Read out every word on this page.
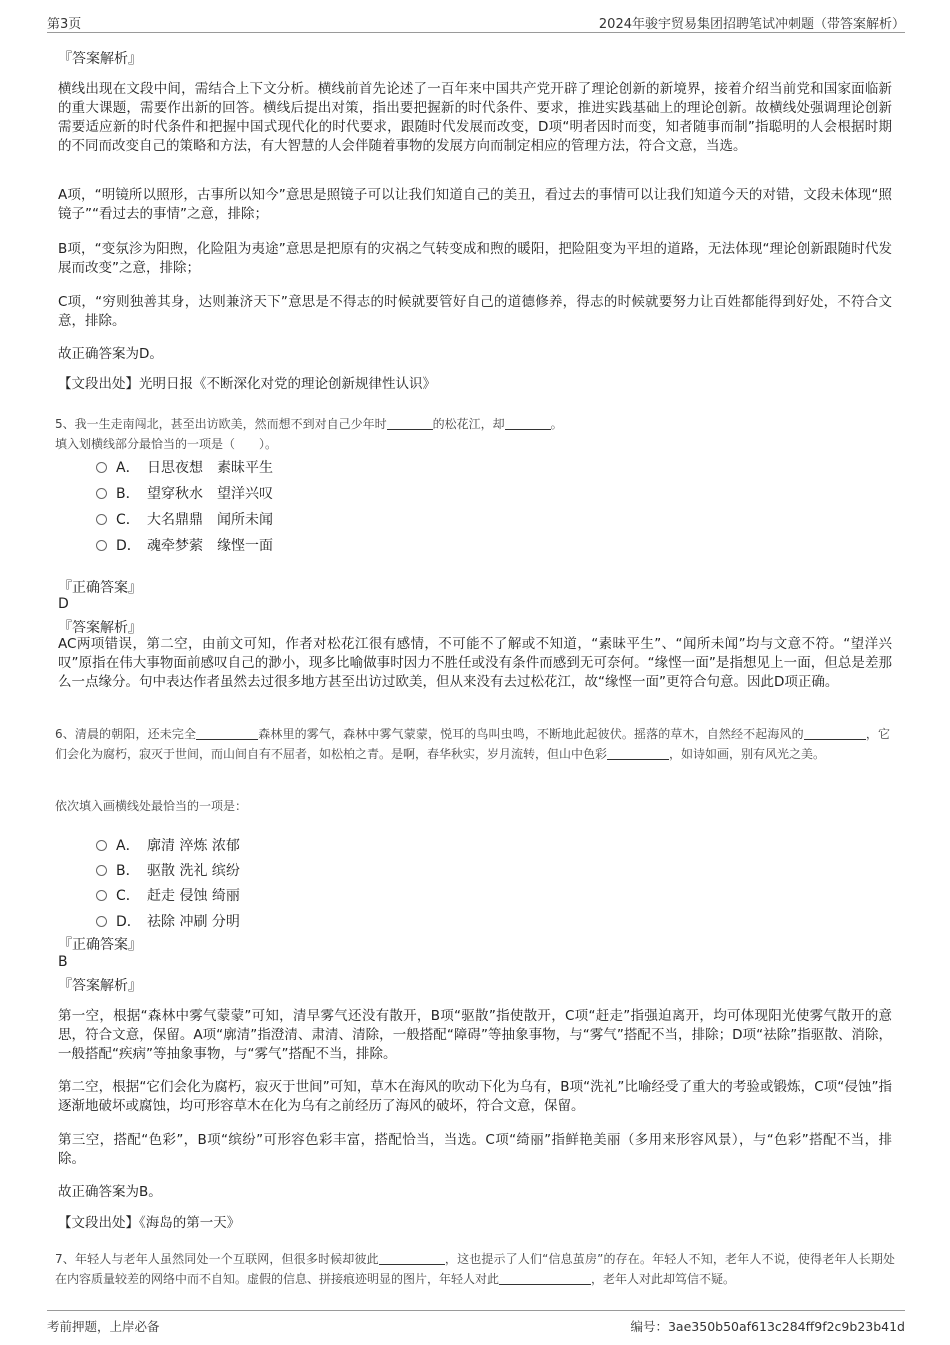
第3页	2024年骏宇贸易集团招聘笔试冲刺题（带答案解析）
『答案解析』
横线出现在文段中间，需结合上下文分析。横线前首先论述了一百年来中国共产党开辟了理论创新的新境界，接着介绍当前党和国家面临新的重大课题，需要作出新的回答。横线后提出对策，指出要把握新的时代条件、要求，推进实践基础上的理论创新。故横线处强调理论创新需要适应新的时代条件和把握中国式现代化的时代要求，跟随时代发展而改变，D项“明者因时而变，知者随事而制”指聪明的人会根据时期的不同而改变自己的策略和方法，有大智慧的人会伴随着事物的发展方向而制定相应的管理方法，符合文意，当选。
A项，“明镜所以照形，古事所以知今”意思是照镜子可以让我们知道自己的美丑，看过去的事情可以让我们知道今天的对错，文段未体现“照镜子”“看过去的事情”之意，排除；
B项，“变氛沴为阳煦，化险阻为夷途”意思是把原有的灾祸之气转变成和煦的暖阳，把险阻变为平坦的道路，无法体现“理论创新跟随时代发展而改变”之意，排除；
C项，“穷则独善其身，达则兼济天下”意思是不得志的时候就要管好自己的道德修养，得志的时候就要努力让百姓都能得到好处，不符合文意，排除。
故正确答案为D。
【文段出处】光明日报《不断深化对党的理论创新规律性认识》
5、我一生走南闯北，甚至出访欧美，然而想不到对自己少年时	的松花江，却	。
填入划横线部分最恰当的一项是（　　）。
A． 日思夜想　素昧平生
B． 望穿秋水　望洋兴叹
C． 大名鼎鼎　闻所未闻
D． 魂牵梦萦　缘悭一面
『正确答案』
D
『答案解析』
AC两项错误，第二空，由前文可知，作者对松花江很有感情，不可能不了解或不知道，“素昧平生”、“闻所未闻”均与文意不符。“望洋兴叹”原指在伟大事物面前感叹自己的渺小，现多比喻做事时因力不胜任或没有条件而感到无可奈何。“缘悭一面”是指想见上一面，但总是差那么一点缘分。句中表达作者虽然去过很多地方甚至出访过欧美，但从来没有去过松花江，故“缘悭一面”更符合句意。因此D项正确。
6、清晨的朝阳，还未完全	森林里的雾气，森林中雾气蒙蒙，悦耳的鸟叫虫鸣，不断地此起彼伏。摇落的草木，自然经不起海风的	，它们会化为腐朽，寂灭于世间，而山间自有不屈者，如松柏之青。是啊，春华秋实，岁月流转，但山中色彩	，如诗如画，别有风光之美。
依次填入画横线处最恰当的一项是：
A． 廓清 淬炼 浓郁
B． 驱散 洗礼 缤纷
C． 赶走 侵蚀 绮丽
D． 祛除 冲刷 分明
『正确答案』
B
『答案解析』
第一空，根据“森林中雾气蒙蒙”可知，清早雾气还没有散开，B项“驱散”指使散开，C项“赶走”指强迫离开，均可体现阳光使雾气散开的意思，符合文意，保留。A项“廓清”指澄清、肃清、清除，一般搭配“障碍”等抽象事物，与“雾气”搭配不当，排除；D项“祛除”指驱散、消除，一般搭配“疾病”等抽象事物，与“雾气”搭配不当，排除。
第二空，根据“它们会化为腐朽，寂灭于世间”可知，草木在海风的吹动下化为乌有，B项“洗礼”比喻经受了重大的考验或锻炼，C项“侵蚀”指逐渐地破坏或腐蚀，均可形容草木在化为乌有之前经历了海风的破坏，符合文意，保留。
第三空，搭配“色彩”，B项“缤纷”可形容色彩丰富，搭配恰当，当选。C项“绮丽”指鲜艳美丽（多用来形容风景），与“色彩”搭配不当，排除。
故正确答案为B。
【文段出处】《海岛的第一天》
7、年轻人与老年人虽然同处一个互联网，但很多时候却彼此	，这也提示了人们“信息茧房”的存在。年轻人不知，老年人不说，使得老年人长期处在内容质量较差的网络中而不自知。虚假的信息、拼接痕迹明显的图片，年轻人对此	，老年人对此却笃信不疑。
考前押题，上岸必备	编号：3ae350b50af613c284ff9f2c9b23b41d
